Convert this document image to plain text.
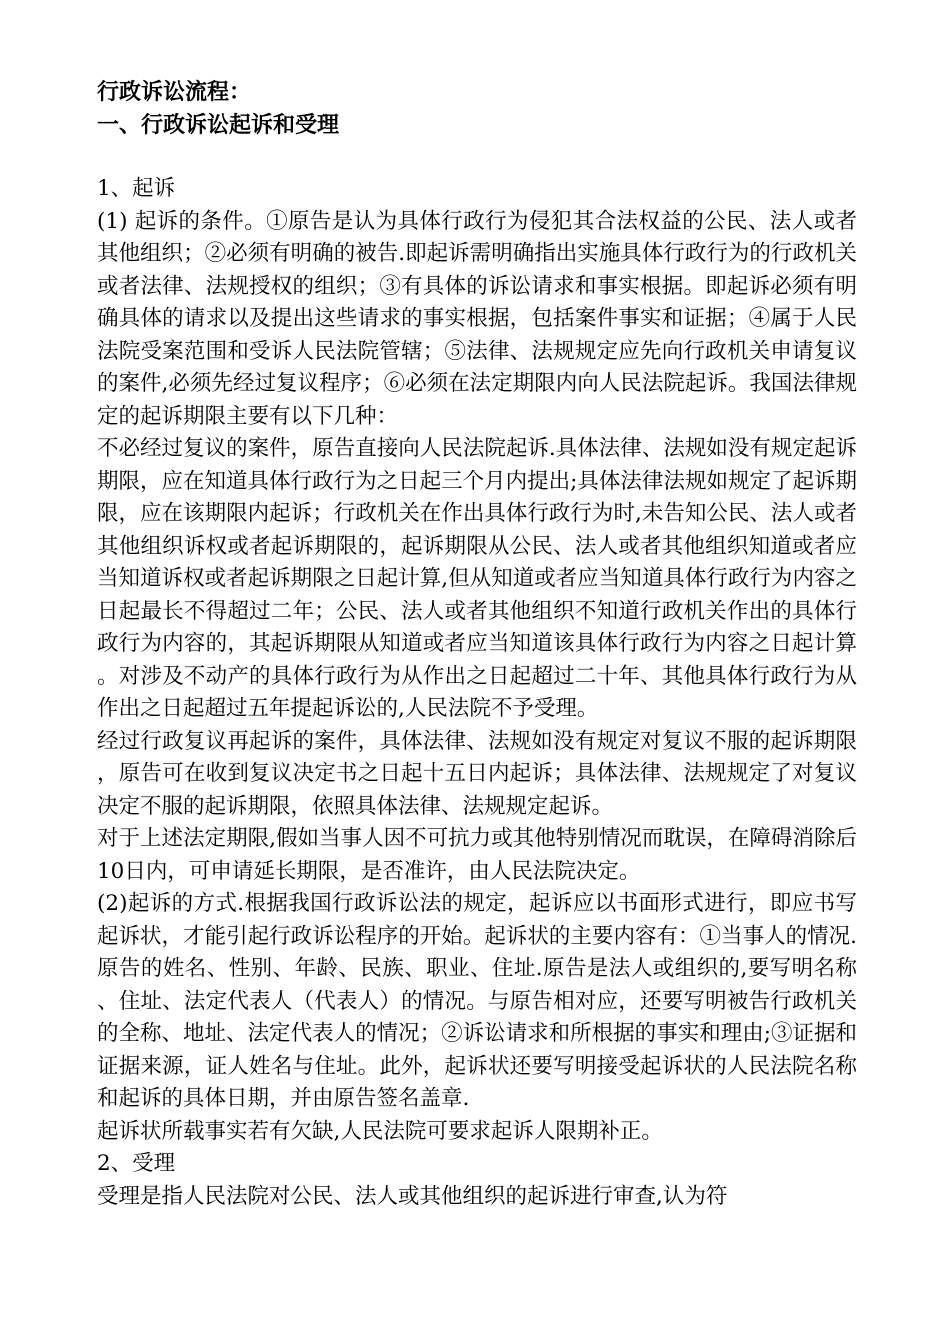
行政诉讼流程：
一、行政诉讼起诉和受理

1、起诉

(1) 起诉的条件。①原告是认为具体行政行为侵犯其合法权益的公民、法人或者其他组织；②必须有明确的被告.即起诉需明确指出实施具体行政行为的行政机关或者法律、法规授权的组织；③有具体的诉讼请求和事实根据。即起诉必须有明确具体的请求以及提出这些请求的事实根据，包括案件事实和证据；④属于人民法院受案范围和受诉人民法院管辖；⑤法律、法规规定应先向行政机关申请复议的案件,必须先经过复议程序；⑥必须在法定期限内向人民法院起诉。我国法律规定的起诉期限主要有以下几种：

不必经过复议的案件，原告直接向人民法院起诉.具体法律、法规如没有规定起诉期限，应在知道具体行政行为之日起三个月内提出;具体法律法规如规定了起诉期限，应在该期限内起诉；行政机关在作出具体行政行为时,未告知公民、法人或者其他组织诉权或者起诉期限的，起诉期限从公民、法人或者其他组织知道或者应当知道诉权或者起诉期限之日起计算,但从知道或者应当知道具体行政行为内容之日起最长不得超过二年；公民、法人或者其他组织不知道行政机关作出的具体行政行为内容的，其起诉期限从知道或者应当知道该具体行政行为内容之日起计算。对涉及不动产的具体行政行为从作出之日起超过二十年、其他具体行政行为从作出之日起超过五年提起诉讼的,人民法院不予受理。

经过行政复议再起诉的案件，具体法律、法规如没有规定对复议不服的起诉期限，原告可在收到复议决定书之日起十五日内起诉；具体法律、法规规定了对复议决定不服的起诉期限，依照具体法律、法规规定起诉。

对于上述法定期限,假如当事人因不可抗力或其他特别情况而耽误，在障碍消除后10日内，可申请延长期限，是否准许，由人民法院决定。

(2)起诉的方式.根据我国行政诉讼法的规定，起诉应以书面形式进行，即应书写起诉状，才能引起行政诉讼程序的开始。起诉状的主要内容有：①当事人的情况.原告的姓名、性别、年龄、民族、职业、住址.原告是法人或组织的,要写明名称、住址、法定代表人（代表人）的情况。与原告相对应，还要写明被告行政机关的全称、地址、法定代表人的情况；②诉讼请求和所根据的事实和理由;③证据和证据来源，证人姓名与住址。此外，起诉状还要写明接受起诉状的人民法院名称和起诉的具体日期，并由原告签名盖章.

起诉状所载事实若有欠缺,人民法院可要求起诉人限期补正。

2、受理

受理是指人民法院对公民、法人或其他组织的起诉进行审查,认为符
